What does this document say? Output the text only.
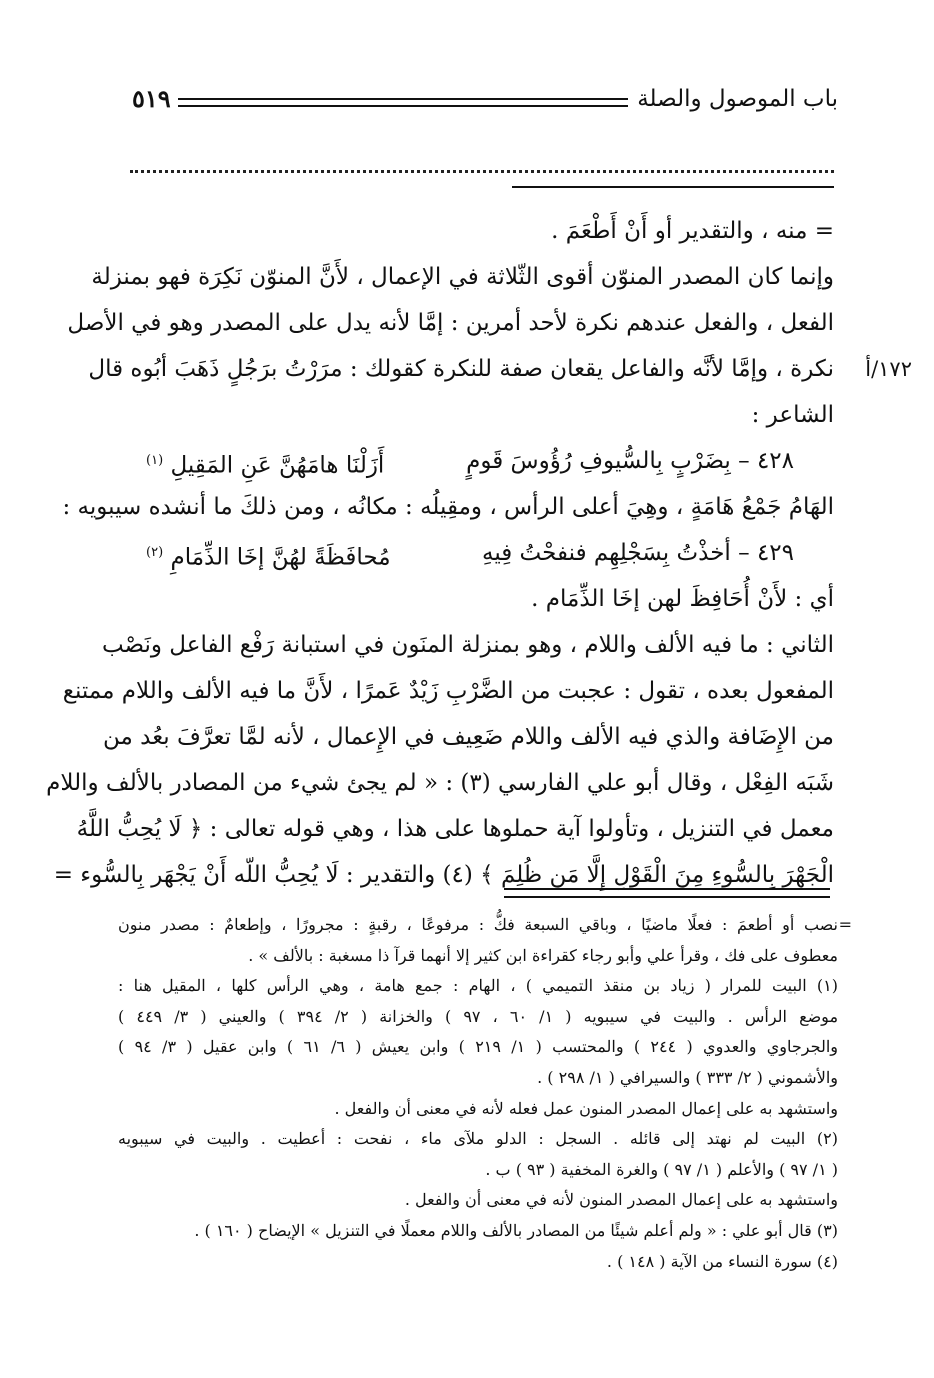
باب الموصول والصلة
٥١٩
= منه ، والتقدير أو أَنْ أَطْعَمَ .
وإنما كان المصدر المنوّن أقوى الثّلاثة في الإعمال ، لأَنَّ المنوّن نَكِرَة فهو بمنزلة
الفعل ، والفعل عندهم نكرة لأحد أمرين : إمَّا لأنه يدل على المصدر وهو في الأصل
نكرة ، وإمَّا لأنَّه والفاعل يقعان صفة للنكرة كقولك : مرَرْتُ برَجُلٍ ذَهَبَ أبُوه قال ١٧٢/أ
الشاعر :
٤٢٨ – بِضَرْبٍ بِالسُّيوفِ رُؤُوسَ قَومٍ
أَزَلْنَا هامَهُنَّ عَنِ المَقِيلِ $^{(١)}$
الهَامُ جَمْعُ هَامَةٍ ، وهِيَ أعلى الرأس ، ومقِيلُه : مكانُه ، ومن ذلكَ ما أنشده سيبويه :
٤٢٩ – أخذْتُ بِسَجْلِهِم فنفحْتُ فِيهِ
مُحافَظَةً لهُنَّ إخَا الذِّمَامِ $^{(٢)}$
أي : لأَنْ أُحَافِظَ لهن إخَا الذِّمَام .
الثاني : ما فيه الألف واللام ، وهو بمنزلة المنَون في استبانة رَفْع الفاعل ونَصْب
المفعول بعده ، تقول : عجبت من الضَّرْبِ زَيْدٌ عَمرًا ، لأَنَّ ما فيه الألف واللام ممتنع
من الإِضَافة والذي فيه الألف واللام ضَعِيف في الإِعمال ، لأنه لمَّا تعرَّفَ بعُد من
شَبَه الفِعْل ، وقال أبو علي الفارسي (٣) : « لم يجئ شيء من المصادر بالألف واللام
معمل في التنزيل ، وتأولوا آية حملوها على هذا ، وهي قوله تعالى : ﴿ لَا يُحِبُّ اللَّهُ
الْجَهْرَ بِالسُّوءِ مِنَ الْقَوْلِ إِلَّا مَن ظُلِمَ ﴾ (٤) والتقدير : لَا يُحِبُّ اللّه أَنْ يَجْهَر بِالسُّوء =
=
نصب أو أطعمَ : فعلًا ماضيًا ، وباقي السبعة فكُّ : مرفوعًا ، رقبةٍ : مجرورًا ، وإطعامٌ : مصدر منون
معطوف على فك ، وقرأ علي وأبو رجاء كقراءة ابن كثير إلا أنهما قرآ ذا مسغبة : بالألف » .
(١) البيت للمرار ( زياد بن منقذ التميمي ) ، الهام : جمع هامة ، وهي الرأس كلها ، المقيل هنا :
موضع الرأس . والبيت في سيبويه ( ١/ ٦٠ ، ٩٧ ) والخزانة ( ٢/ ٣٩٤ ) والعيني ( ٣/ ٤٤٩ )
والجرجاوي والعدوي ( ٢٤٤ ) والمحتسب ( ١/ ٢١٩ ) وابن يعيش ( ٦/ ٦١ ) وابن عقيل ( ٣/ ٩٤ )
والأشموني ( ٢/ ٣٣٣ ) والسيرافي ( ١/ ٢٩٨ ) .
واستشهد به على إعمال المصدر المنون عمل فعله لأنه في معنى أن والفعل .
(٢) البيت لم نهتد إلى قائله . السجل : الدلو ملآى ماء ، نفحت : أعطيت . والبيت في سيبويه
( ١/ ٩٧ ) والأعلم ( ١/ ٩٧ ) والغرة المخفية ( ٩٣ ) ب .
واستشهد به على إعمال المصدر المنون لأنه في معنى أن والفعل .
(٣) قال أبو علي : « ولم أعلم شيئًا من المصادر بالألف واللام معملًا في التنزيل » الإيضاح ( ١٦٠ ) .
(٤) سورة النساء من الآية ( ١٤٨ ) .
